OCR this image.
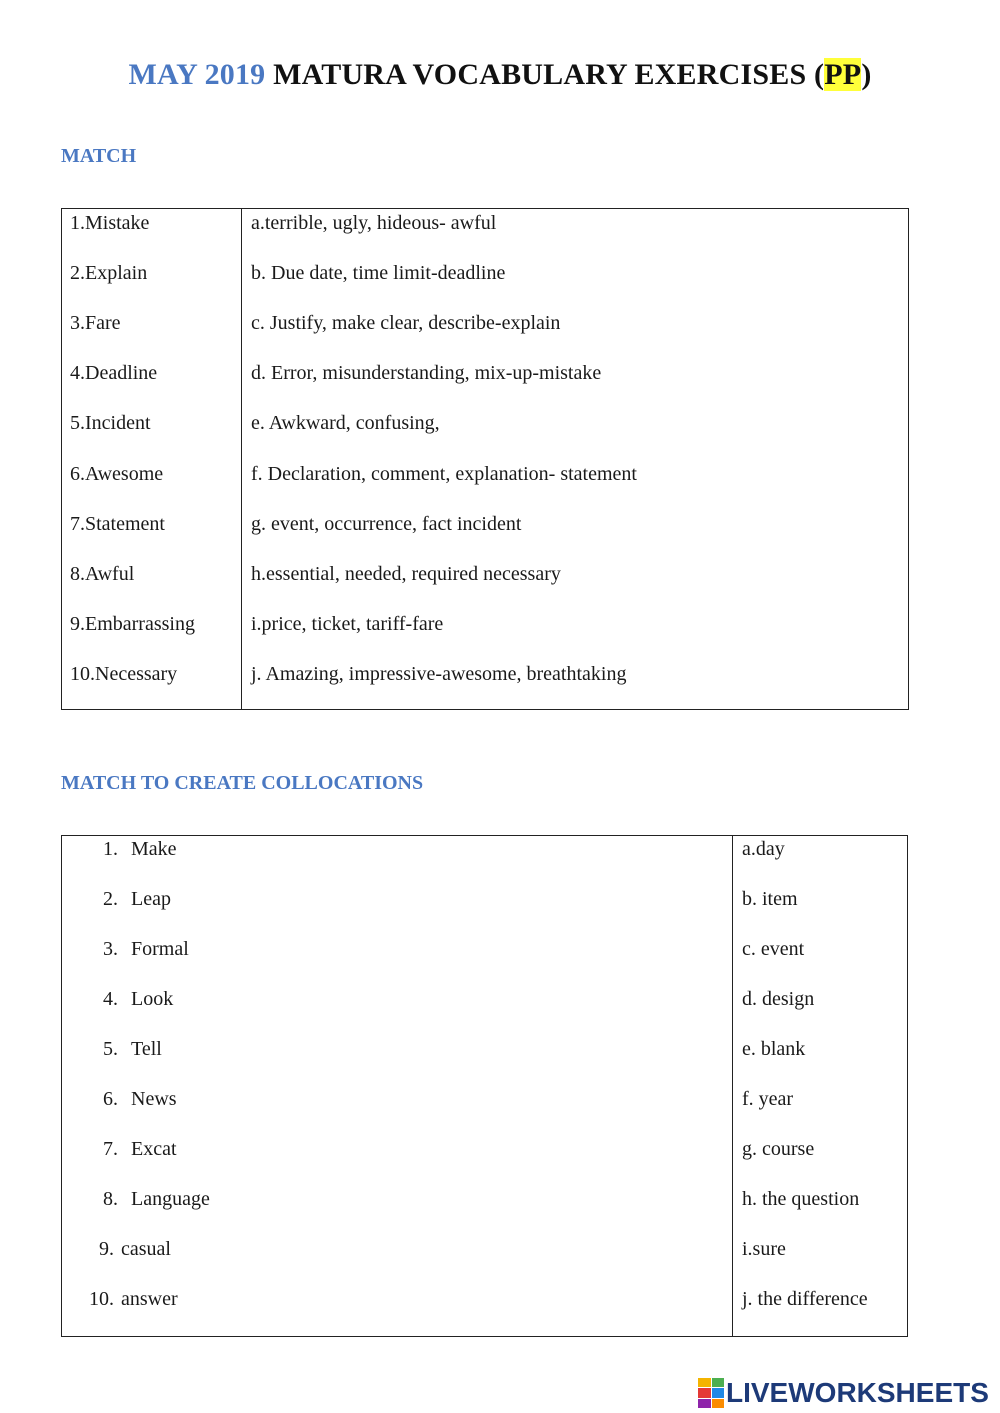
MAY 2019 MATURA VOCABULARY EXERCISES (PP)
MATCH
1.Mistake	a.terrible, ugly, hideous- awful
2.Explain	b. Due date, time limit-deadline
3.Fare	c. Justify, make clear, describe-explain
4.Deadline	d. Error, misunderstanding, mix-up-mistake
5.Incident	e. Awkward, confusing,
6.Awesome	f. Declaration, comment, explanation- statement
7.Statement	g. event, occurrence, fact incident
8.Awful	h.essential, needed, required necessary
9.Embarrassing	i.price, ticket, tariff-fare
10.Necessary	j. Amazing, impressive-awesome, breathtaking
MATCH TO CREATE COLLOCATIONS
1. Make	a.day
2. Leap	b. item
3. Formal	c. event
4. Look	d. design
5. Tell	e. blank
6. News	f. year
7. Excat	g. course
8. Language	h. the question
9. casual	i.sure
10. answer	j. the difference
LIVEWORKSHEETS
